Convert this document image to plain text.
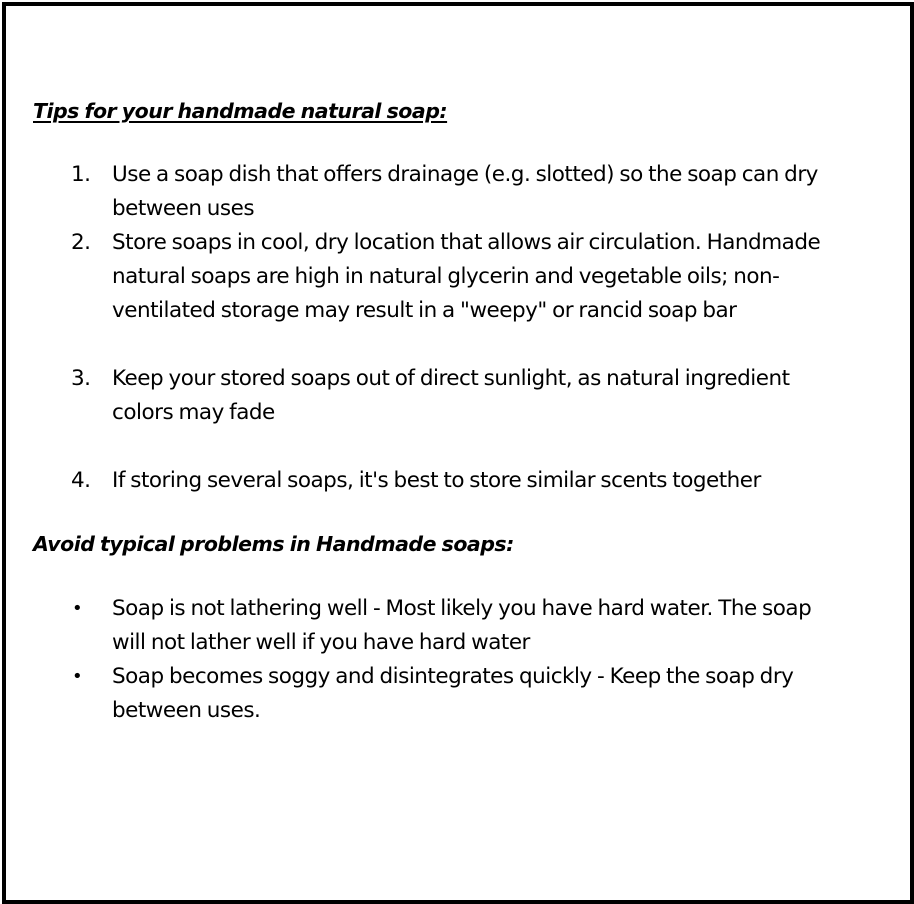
Tips for your handmade natural soap:
1. Use a soap dish that offers drainage (e.g. slotted) so the soap can dry
between uses
2. Store soaps in cool, dry location that allows air circulation. Handmade
natural soaps are high in natural glycerin and vegetable oils; non-
ventilated storage may result in a "weepy" or rancid soap bar
3. Keep your stored soaps out of direct sunlight, as natural ingredient
colors may fade
4. If storing several soaps, it's best to store similar scents together
Avoid typical problems in Handmade soaps:
• Soap is not lathering well - Most likely you have hard water. The soap
will not lather well if you have hard water
• Soap becomes soggy and disintegrates quickly - Keep the soap dry
between uses.
